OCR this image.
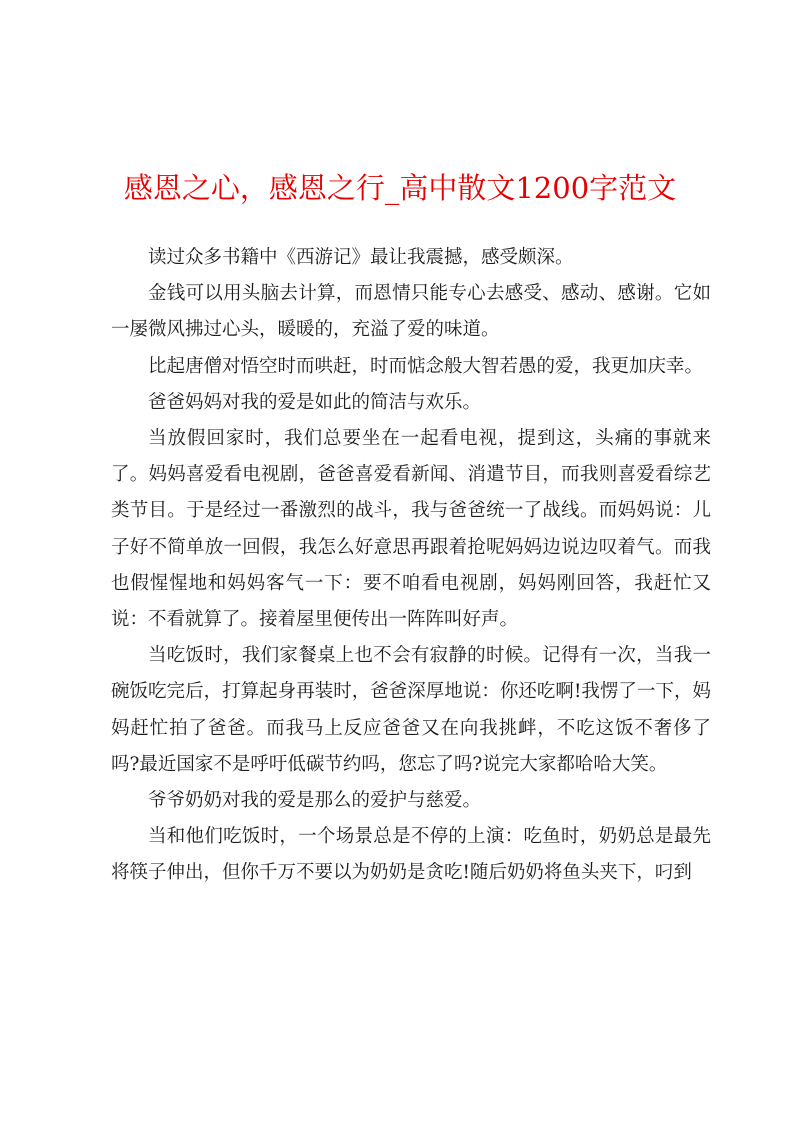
感恩之心，感恩之行_高中散文1200字范文

读过众多书籍中《西游记》最让我震撼，感受颇深。

金钱可以用头脑去计算，而恩情只能专心去感受、感动、感谢。它如一屡微风拂过心头，暖暖的，充溢了爱的味道。

比起唐僧对悟空时而哄赶，时而惦念般大智若愚的爱，我更加庆幸。

爸爸妈妈对我的爱是如此的简洁与欢乐。

当放假回家时，我们总要坐在一起看电视，提到这，头痛的事就来了。妈妈喜爱看电视剧，爸爸喜爱看新闻、消遣节目，而我则喜爱看综艺类节目。于是经过一番激烈的战斗，我与爸爸统一了战线。而妈妈说：儿子好不简单放一回假，我怎么好意思再跟着抢呢妈妈边说边叹着气。而我也假惺惺地和妈妈客气一下：要不咱看电视剧，妈妈刚回答，我赶忙又说：不看就算了。接着屋里便传出一阵阵叫好声。

当吃饭时，我们家餐桌上也不会有寂静的时候。记得有一次，当我一碗饭吃完后，打算起身再装时，爸爸深厚地说：你还吃啊!我愣了一下，妈妈赶忙拍了爸爸。而我马上反应爸爸又在向我挑衅，不吃这饭不奢侈了吗?最近国家不是呼吁低碳节约吗，您忘了吗?说完大家都哈哈大笑。

爷爷奶奶对我的爱是那么的爱护与慈爱。

当和他们吃饭时，一个场景总是不停的上演：吃鱼时，奶奶总是最先将筷子伸出，但你千万不要以为奶奶是贪吃!随后奶奶将鱼头夹下，叼到
